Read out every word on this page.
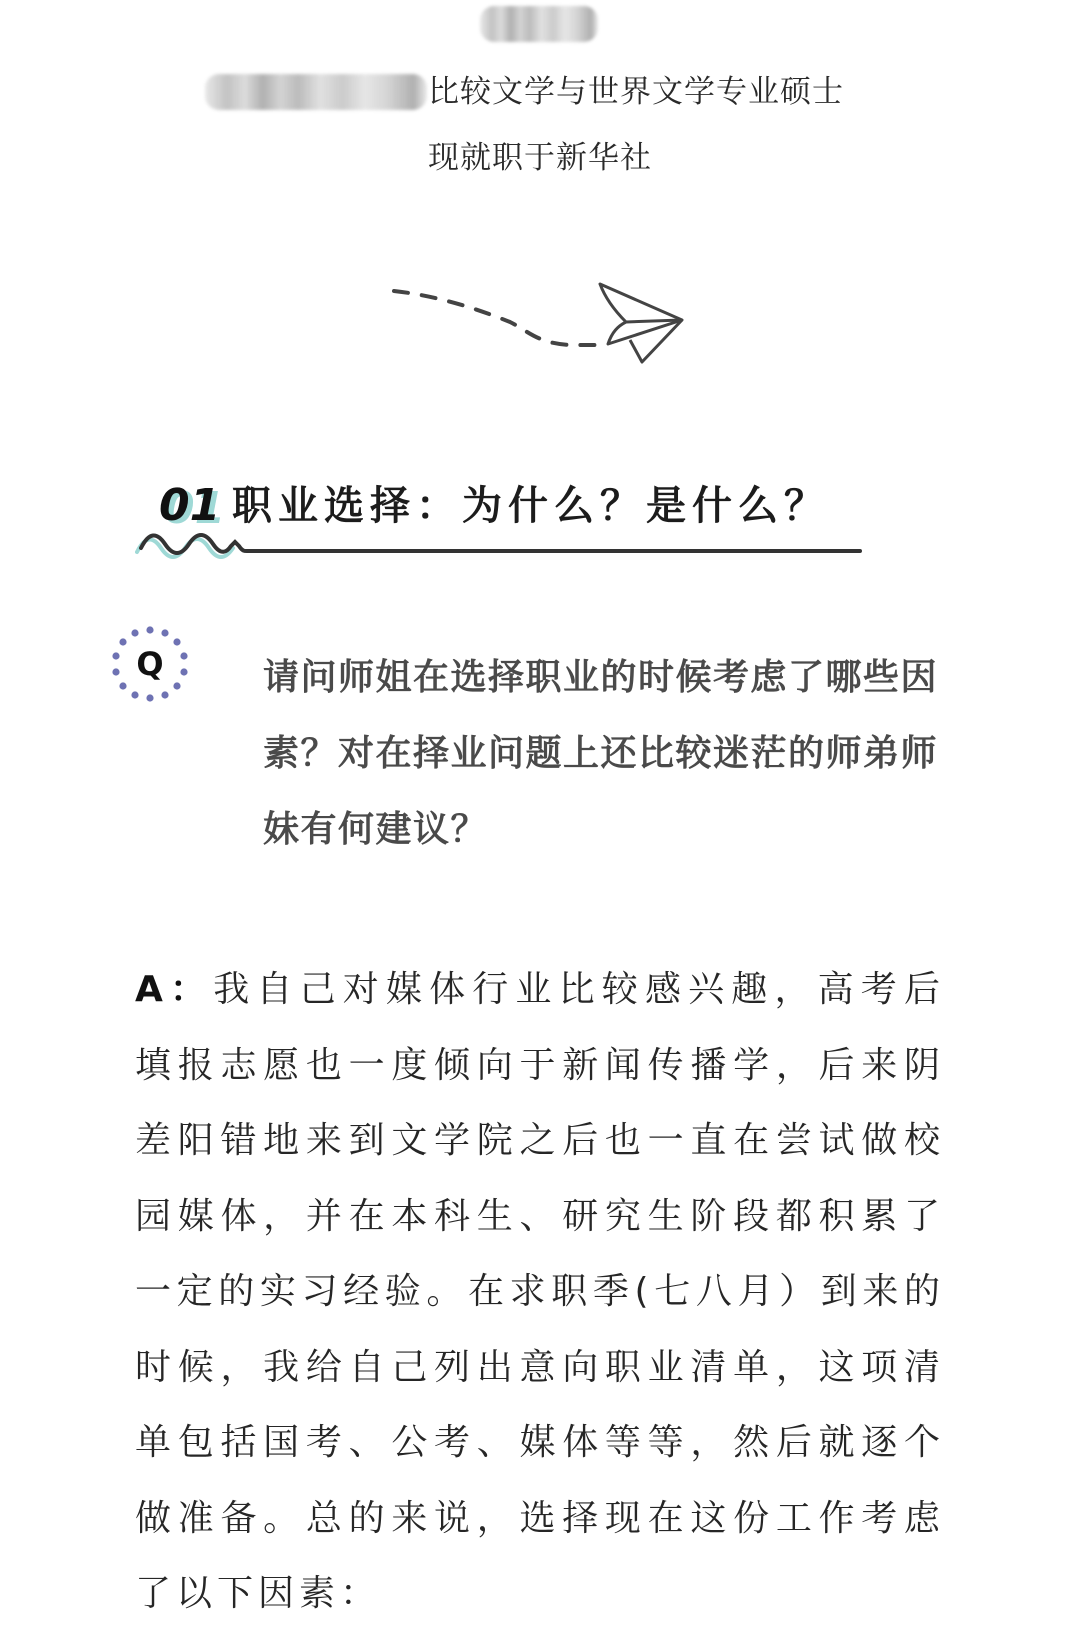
比较文学与世界文学专业硕士
现就职于新华社
01 职业选择：为什么？是什么？
Q	请问师姐在选择职业的时候考虑了哪些因素？对在择业问题上还比较迷茫的师弟师妹有何建议？
A：我自己对媒体行业比较感兴趣，高考后填报志愿也一度倾向于新闻传播学，后来阴差阳错地来到文学院之后也一直在尝试做校园媒体，并在本科生、研究生阶段都积累了一定的实习经验。在求职季(七八月）到来的时候，我给自己列出意向职业清单，这项清单包括国考、公考、媒体等等，然后就逐个做准备。总的来说，选择现在这份工作考虑了以下因素：
